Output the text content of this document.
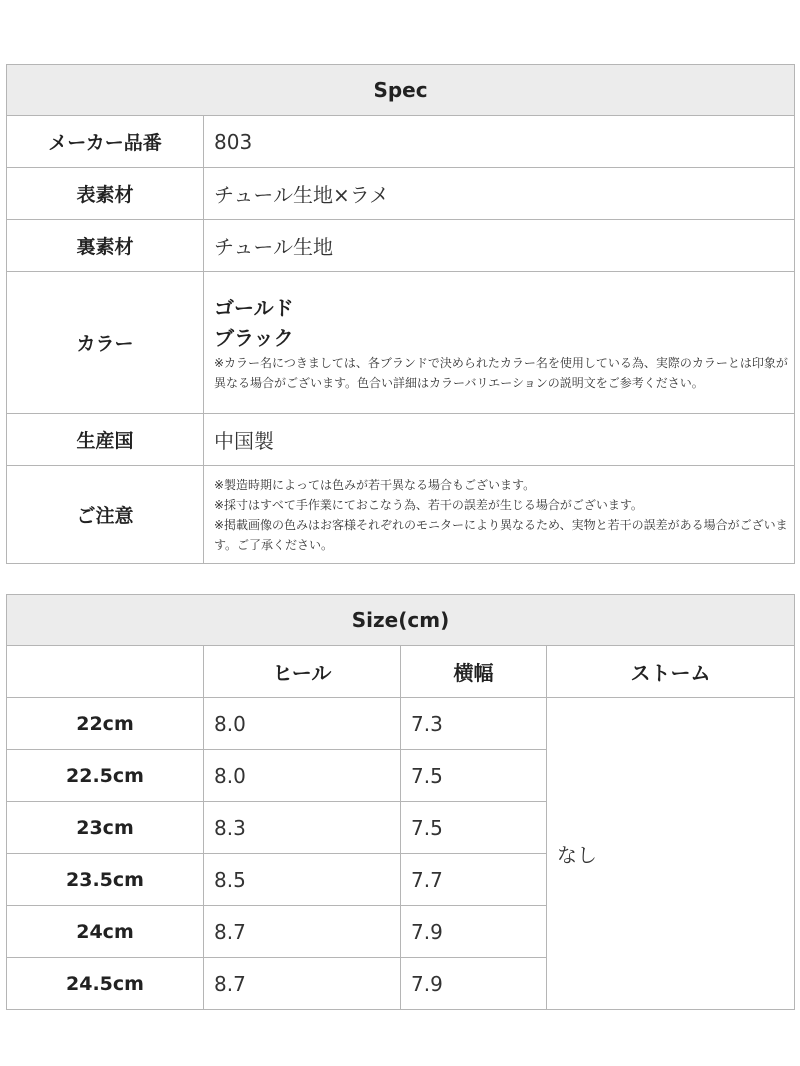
Spec	
メーカー品番	803
表素材	チュール生地×ラメ
裏素材	チュール生地
カラー	ゴールド
ブラック
※カラー名につきましては、各ブランドで決められたカラー名を使用している為、実際のカラーとは印象が異なる場合がございます。色合い詳細はカラーバリエーションの説明文をご参考ください。

生産国	中国製
ご注意	※製造時期によっては色みが若干異なる場合もございます。
※採寸はすべて手作業にておこなう為、若干の誤差が生じる場合がございます。
※掲載画像の色みはお客様それぞれのモニターにより異なるため、実物と若干の誤差がある場合がございます。ご了承ください。
Size(cm)			
	ヒール	横幅	ストーム
22cm	8.0	7.3	なし
22.5cm	8.0	7.5	
23cm	8.3	7.5	
23.5cm	8.5	7.7	
24cm	8.7	7.9	
24.5cm	8.7	7.9	
